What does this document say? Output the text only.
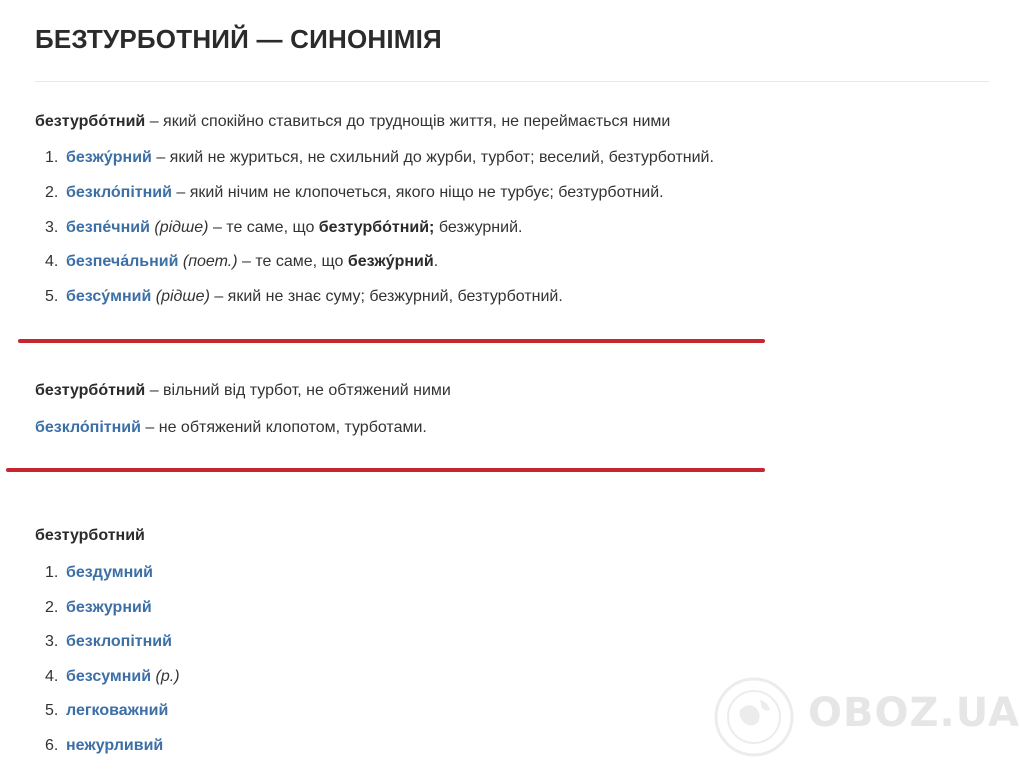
БЕЗТУРБОТНИЙ — СИНОНІМІЯ

безтурбо́тний – який спокійно ставиться до труднощів життя, не переймається ними

1. безжу́рний – який не журиться, не схильний до журби, турбот; веселий, безтурботний.
2. безкло́пітний – який нічим не клопочеться, якого ніщо не турбує; безтурботний.
3. безпе́чний (рідше) – те саме, що безтурбо́тний; безжурний.
4. безпеча́льний (поет.) – те саме, що безжу́рний.
5. безсу́мний (рідше) – який не знає суму; безжурний, безтурботний.

безтурбо́тний – вільний від турбот, не обтяжений ними

безкло́пітний – не обтяжений клопотом, турботами.

безтурботний

1. бездумний
2. безжурний
3. безклопітний
4. безсумний (р.)
5. легковажний
6. нежурливий
OBOZ.UA
